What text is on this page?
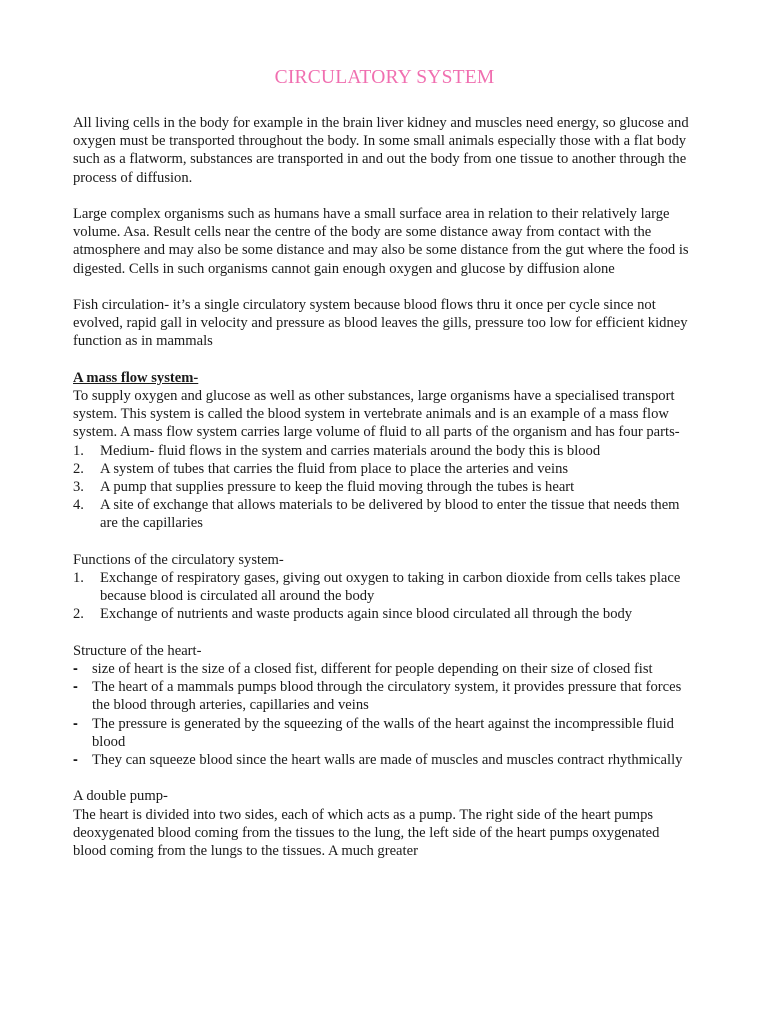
CIRCULATORY SYSTEM

All living cells in the body for example in the brain liver kidney and muscles need energy, so glucose and oxygen must be transported throughout the body. In some small animals especially those with a flat body such as a flatworm, substances are transported in and out the body from one tissue to another through the process of diffusion.

Large complex organisms such as humans have a small surface area in relation to their relatively large volume. Asa. Result cells near the centre of the body are some distance away from contact with the atmosphere and may also be some distance and may also be some distance from the gut where the food is digested. Cells in such organisms cannot gain enough oxygen and glucose by diffusion alone

Fish circulation- it’s a single circulatory system because blood flows thru it once per cycle since not evolved, rapid gall in velocity and pressure as blood leaves the gills, pressure too low for efficient kidney function as in mammals

A mass flow system-

To supply oxygen and glucose as well as other substances, large organisms have a specialised transport system. This system is called the blood system in vertebrate animals and is an example of a mass flow system. A mass flow system carries large volume of fluid to all parts of the organism and has four parts-

1. Medium- fluid flows in the system and carries materials around the body this is blood
2. A system of tubes that carries the fluid from place to place the arteries and veins
3. A pump that supplies pressure to keep the fluid moving through the tubes is heart
4. A site of exchange that allows materials to be delivered by blood to enter the tissue that needs them are the capillaries

Functions of the circulatory system-

1. Exchange of respiratory gases, giving out oxygen to taking in carbon dioxide from cells takes place because blood is circulated all around the body
2. Exchange of nutrients and waste products again since blood circulated all through the body

Structure of the heart-

- size of heart is the size of a closed fist, different for people depending on their size of closed fist
- The heart of a mammals pumps blood through the circulatory system, it provides pressure that forces the blood through arteries, capillaries and veins
- The pressure is generated by the squeezing of the walls of the heart against the incompressible fluid blood
- They can squeeze blood since the heart walls are made of muscles and muscles contract rhythmically

A double pump-

The heart is divided into two sides, each of which acts as a pump. The right side of the heart pumps deoxygenated blood coming from the tissues to the lung, the left side of the heart pumps oxygenated blood coming from the lungs to the tissues. A much greater
